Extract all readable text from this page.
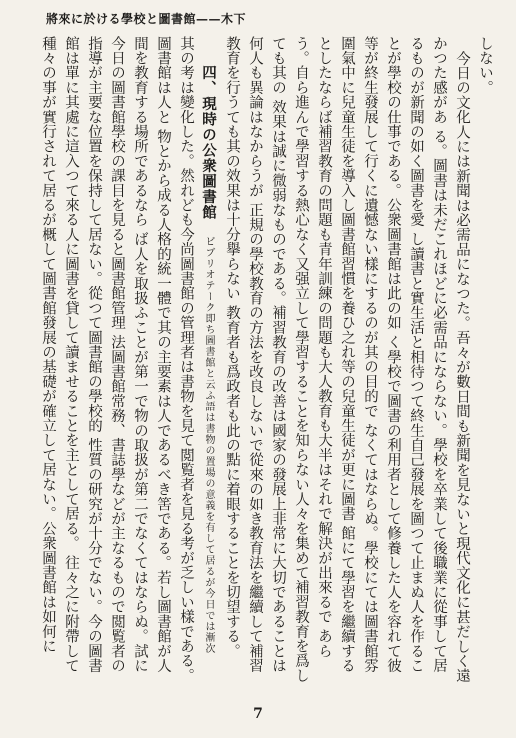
將來に於ける學校と圖書館——木下

しない。

今日の文化人には新聞は必需品になつた。吾々が數日間も新聞を見ないと現代文化に甚だしく遠かつた感があ る。圖書は未だこれほどに必需品にならない。學校を卒業して後職業に從事して居るものが新聞の如く圖書を愛 し讀書と實生活と相待つて終生自己發展を圖つて止まぬ人を作ることが學校の仕事である。公衆圖書館は此の如 く學校で圖書の利用者として修養した人を容れて彼等が終生發展して行くに遺憾ない樣にするのが其の目的で なくてはならぬ。學校にては圖書館雰圍氣中に兒童生徒を導入し圖書館習慣を養ひ之れ等の兒童生徒が更に圖書 館にて學習を繼續するとしたならば補習教育の問題も青年訓練の問題も大人教育も大半はそれで解決が出來るで あらう。自ら進んで學習する熱心なく又强立して學習することを知らない人々を集めて補習教育を爲しても其の 效果は誠に微弱なものである。補習教育の改善は國家の發展上非常に大切であることは何人も異論はなからうが 正規の學校教育の方法を改良しないで從來の如き教育法を繼續して補習教育を行うても其の效果は十分擧らない 教育者も爲政者も此の點に着眼することを切望する。

四、現時の公衆圖書館 ビブリオテーク即ち圖書館と云ふ語は書物の置場の意義を有して居るが今日では漸次

其の考は變化した。然れども今尚圖書館の管理者は書物を見て閲覧者を見る考が乏しい樣である。圖書館は人と 物とから成る人格的統一體で其の主要素は人であるべき筈である。若し圖書館が人間を教育する場所であるなら ば人を取扱ふことが第一で物の取扱が第二でなくてはならぬ。試に今日の圖書館學校の課目を見ると圖書館管理 法圖書館常務、書誌學などが主なるもので閲覧者の指導が主要な位置を保持して居ない。從つて圖書館の學校的 性質の研究が十分でない。今の圖書館は單に其處に這入つて來る人に圖書を貸して讀ませることを主として居る。 往々之に附帶して種々の事が實行されて居るが概して圖書館發展の基礎が確立して居ない。公衆圖書館は如何に

7
